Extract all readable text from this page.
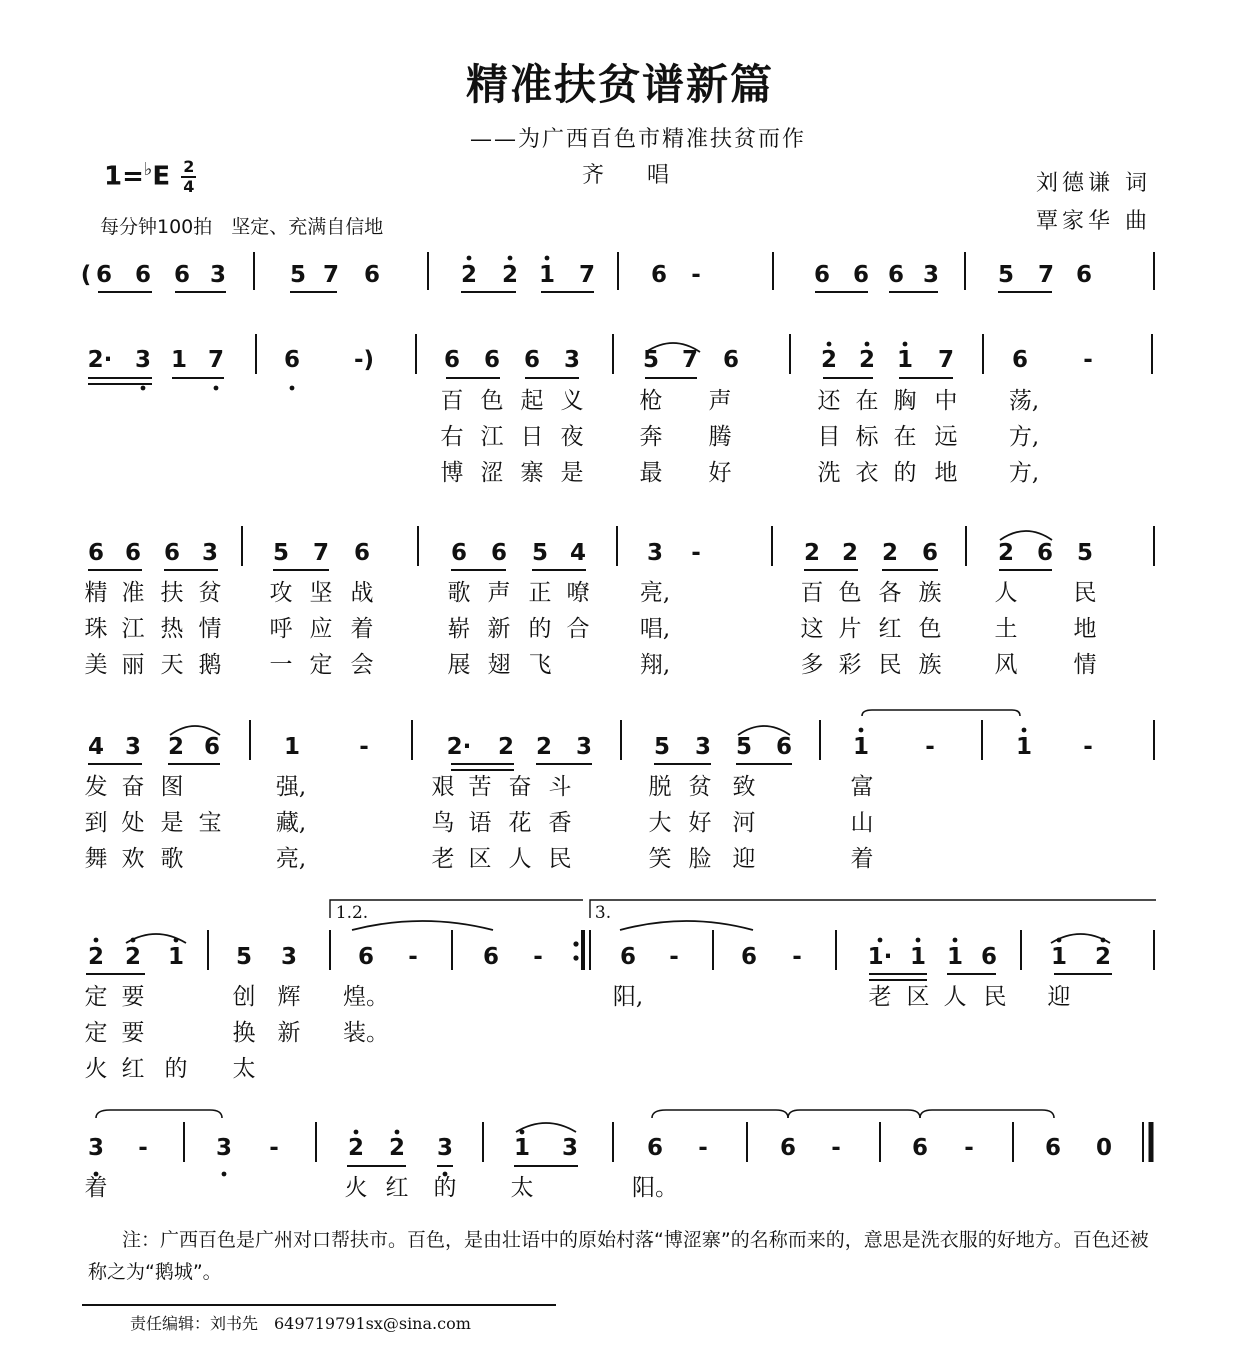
精准扶贫谱新篇
——为广西百色市精准扶贫而作
齐 唱
$1=^♭E \frac{2}{4}$
每分钟100拍　坚定、充满自信地
刘德谦 词
覃家华 曲
( 6 6 6 3	5 7 6	2 2 1 7 6 -	6 6 6 3	5 7 6
2· 3 1 7	6 -)	6 6 6 3	5 7 6	2 2 1 7	6 -
百 色 起 义 枪 声	还 在 胸 中 荡,
右 江 日 夜 奔 腾	目 标 在 远 方,
博 涩 寨 是 最 好	洗 衣 的 地 方,
6 6 6 3 5 7 6	6 6 5 4	3 -	2 2 2 6	2 6 5
精 准 扶 贫 攻 坚 战	歌 声 正 嘹 亮,	百 色 各 族 人 民
珠 江 热 情 呼 应 着	崭 新 的 合 唱,	这 片 红 色 土 地
美 丽 天 鹅 一 定 会	展 翅 飞	翔,	多 彩 民 族 风 情
4 3 2 6	1	-	2· 2 2 3	5 3 5 6	1 -	1 -
发 奋 图	强,	艰 苦 奋 斗	脱 贫 致	富
到 处 是 宝 藏,	鸟 语 花 香	大 好 河	山
舞 欢 歌	亮,	老 区 人 民	笑 脸 迎	着
2 2 1 5 3	6 -	6 -	6 -	6 -	1· 1 1 6 1 2
1.2.	3.
定 要	创 辉 煌。	阳,	老 区 人 民 迎
定 要	换 新 装。
火 红 的 太
3 -	3 -	2 2 3	1 3	6 -	6 -	6 -	6 0
着	火 红 的 太	阳。
注：广西百色是广州对口帮扶市。百色，是由壮语中的原始村落“博涩寨”的名称而来的，意思是洗衣服的好地方。百色还被称之为“鹅城”。
责任编辑：刘书先　649719791sx@sina.com
